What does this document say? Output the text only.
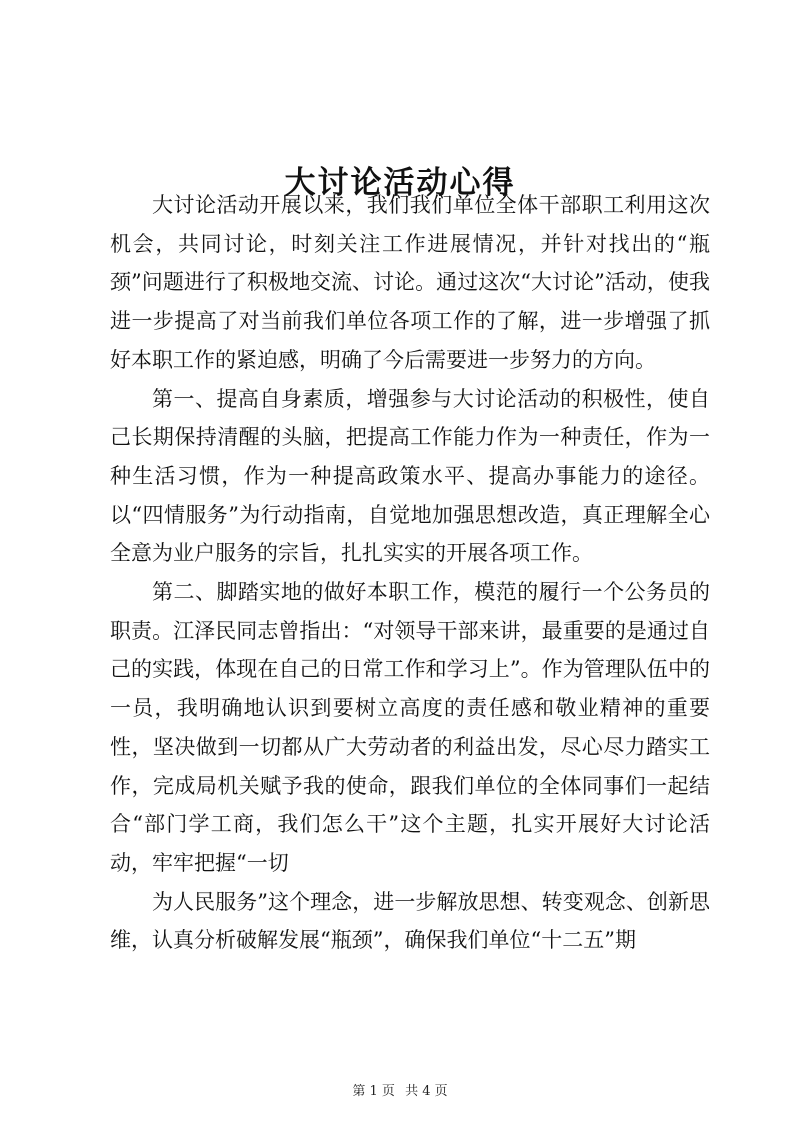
大讨论活动心得

大讨论活动开展以来，我们我们单位全体干部职工利用这次机会，共同讨论，时刻关注工作进展情况，并针对找出的“瓶颈”问题进行了积极地交流、讨论。通过这次“大讨论”活动，使我进一步提高了对当前我们单位各项工作的了解，进一步增强了抓好本职工作的紧迫感，明确了今后需要进一步努力的方向。

第一、提高自身素质，增强参与大讨论活动的积极性，使自己长期保持清醒的头脑，把提高工作能力作为一种责任，作为一种生活习惯，作为一种提高政策水平、提高办事能力的途径。以“四情服务”为行动指南，自觉地加强思想改造，真正理解全心全意为业户服务的宗旨，扎扎实实的开展各项工作。

第二、脚踏实地的做好本职工作，模范的履行一个公务员的职责。江泽民同志曾指出：“对领导干部来讲，最重要的是通过自己的实践，体现在自己的日常工作和学习上”。作为管理队伍中的一员，我明确地认识到要树立高度的责任感和敬业精神的重要性，坚决做到一切都从广大劳动者的利益出发，尽心尽力踏实工作，完成局机关赋予我的使命，跟我们单位的全体同事们一起结合“部门学工商，我们怎么干”这个主题，扎实开展好大讨论活动，牢牢把握“一切

为人民服务”这个理念，进一步解放思想、转变观念、创新思维，认真分析破解发展“瓶颈”，确保我们单位“十二五”期

第 1 页 共 4 页
